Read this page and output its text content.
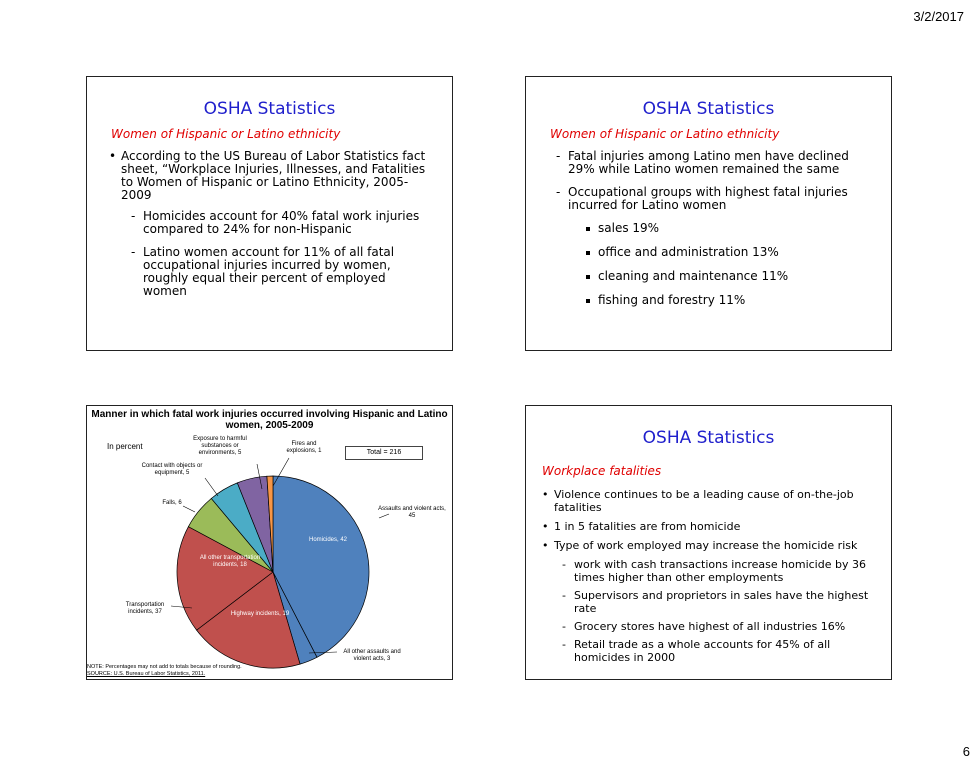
3/2/2017
OSHA Statistics
Women of Hispanic or Latino ethnicity
• According to the US Bureau of Labor Statistics fact sheet, “Workplace Injuries, Illnesses, and Fatalities to Women of Hispanic or Latino Ethnicity, 2005-2009
- Homicides account for 40% fatal work injuries compared to 24% for non-Hispanic
- Latino women account for 11% of all fatal occupational injuries incurred by women, roughly equal their percent of employed women
OSHA Statistics
Women of Hispanic or Latino ethnicity
- Fatal injuries among Latino men have declined 29% while Latino women remained the same
- Occupational groups with highest fatal injuries incurred for Latino women
sales 19%
office and administration 13%
cleaning and maintenance 11%
fishing and forestry 11%
Manner in which fatal work injuries occurred involving Hispanic and Latino women, 2005-2009
In percent
Total = 216
Exposure to harmful substances or environments, 5
Fires and explosions, 1
Contact with objects or equipment, 5
Falls, 6
Assaults and violent acts, 45
Homicides, 42
All other transportation incidents, 18
Transportation incidents, 37	Highway incidents, 19
All other assaults and violent acts, 3
NOTE: Percentages may not add to totals because of rounding.
SOURCE: U.S. Bureau of Labor Statistics, 2011.
OSHA Statistics
Workplace fatalities
• Violence continues to be a leading cause of on-the-job fatalities
• 1 in 5 fatalities are from homicide
• Type of work employed may increase the homicide risk
- work with cash transactions increase homicide by 36 times higher than other employments
- Supervisors and proprietors in sales have the highest rate
- Grocery stores have highest of all industries 16%
- Retail trade as a whole accounts for 45% of all homicides in 2000
6
